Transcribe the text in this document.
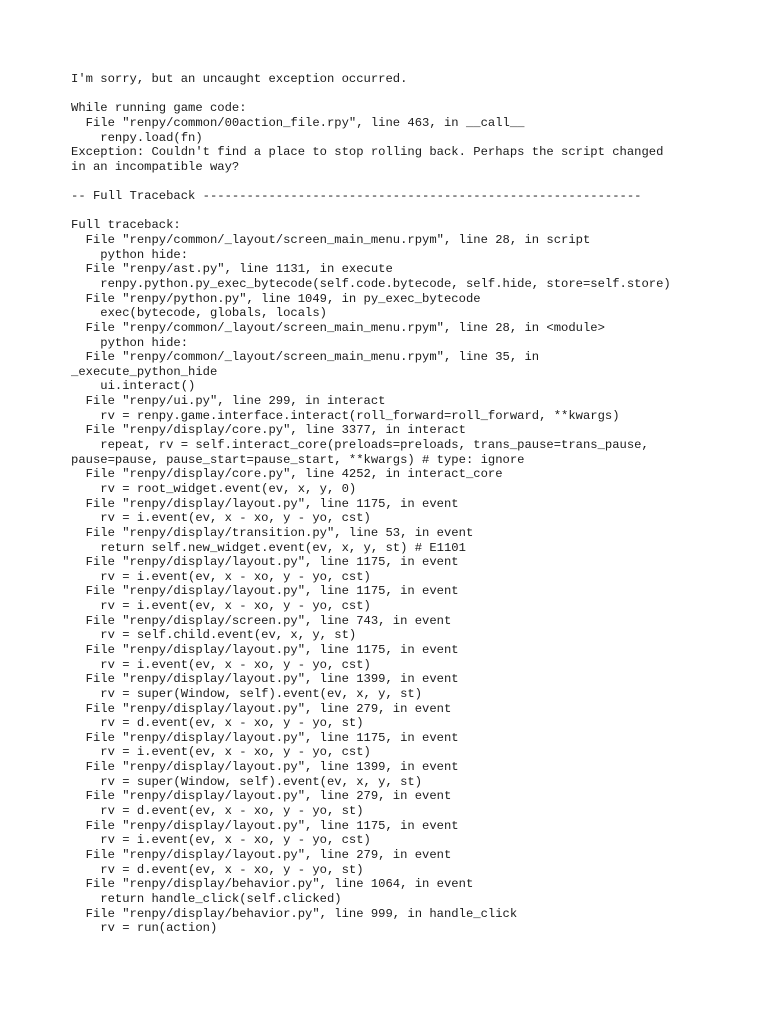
I'm sorry, but an uncaught exception occurred.
While running game code:
File "renpy/common/00action_file.rpy", line 463, in __call__
renpy.load(fn)
Exception: Couldn't find a place to stop rolling back. Perhaps the script changed
in an incompatible way?
-- Full Traceback ------------------------------------------------------------
Full traceback:
File "renpy/common/_layout/screen_main_menu.rpym", line 28, in script
python hide:
File "renpy/ast.py", line 1131, in execute
renpy.python.py_exec_bytecode(self.code.bytecode, self.hide, store=self.store)
File "renpy/python.py", line 1049, in py_exec_bytecode
exec(bytecode, globals, locals)
File "renpy/common/_layout/screen_main_menu.rpym", line 28, in <module>
python hide:
File "renpy/common/_layout/screen_main_menu.rpym", line 35, in
_execute_python_hide
ui.interact()
File "renpy/ui.py", line 299, in interact
rv = renpy.game.interface.interact(roll_forward=roll_forward, **kwargs)
File "renpy/display/core.py", line 3377, in interact
repeat, rv = self.interact_core(preloads=preloads, trans_pause=trans_pause,
pause=pause, pause_start=pause_start, **kwargs) # type: ignore
File "renpy/display/core.py", line 4252, in interact_core
rv = root_widget.event(ev, x, y, 0)
File "renpy/display/layout.py", line 1175, in event
rv = i.event(ev, x - xo, y - yo, cst)
File "renpy/display/transition.py", line 53, in event
return self.new_widget.event(ev, x, y, st) # E1101
File "renpy/display/layout.py", line 1175, in event
rv = i.event(ev, x - xo, y - yo, cst)
File "renpy/display/layout.py", line 1175, in event
rv = i.event(ev, x - xo, y - yo, cst)
File "renpy/display/screen.py", line 743, in event
rv = self.child.event(ev, x, y, st)
File "renpy/display/layout.py", line 1175, in event
rv = i.event(ev, x - xo, y - yo, cst)
File "renpy/display/layout.py", line 1399, in event
rv = super(Window, self).event(ev, x, y, st)
File "renpy/display/layout.py", line 279, in event
rv = d.event(ev, x - xo, y - yo, st)
File "renpy/display/layout.py", line 1175, in event
rv = i.event(ev, x - xo, y - yo, cst)
File "renpy/display/layout.py", line 1399, in event
rv = super(Window, self).event(ev, x, y, st)
File "renpy/display/layout.py", line 279, in event
rv = d.event(ev, x - xo, y - yo, st)
File "renpy/display/layout.py", line 1175, in event
rv = i.event(ev, x - xo, y - yo, cst)
File "renpy/display/layout.py", line 279, in event
rv = d.event(ev, x - xo, y - yo, st)
File "renpy/display/behavior.py", line 1064, in event
return handle_click(self.clicked)
File "renpy/display/behavior.py", line 999, in handle_click
rv = run(action)
